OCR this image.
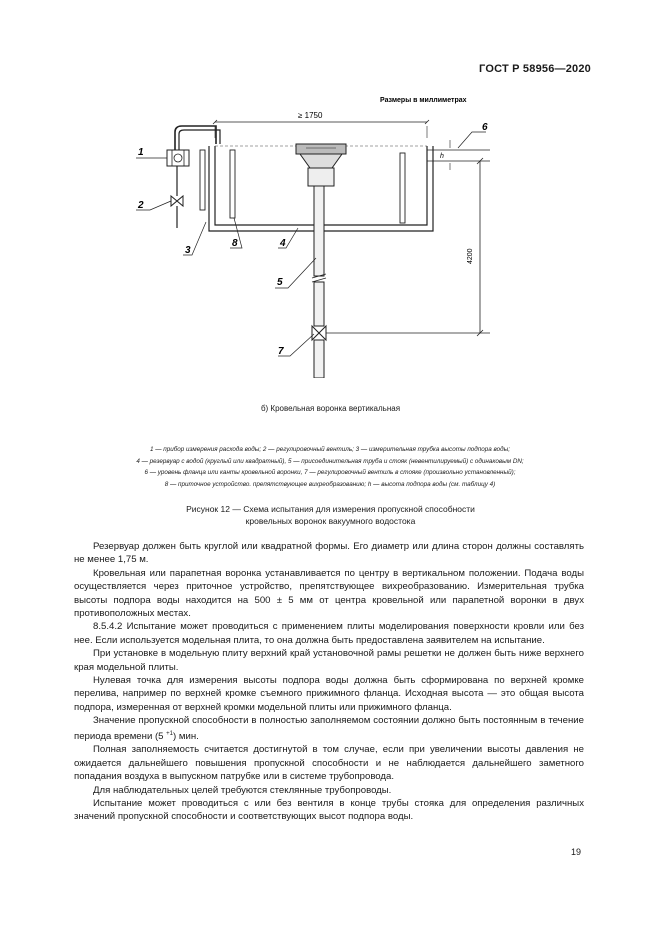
ГОСТ Р 58956—2020
Размеры в миллиметрах
≥ 1750
h
4200
1
2
3
8	4
5
7
6
б) Кровельная воронка вертикальная
1 — прибор измерения расхода воды; 2 — регулировочный вентиль; 3 — измерительная трубка высоты подпора воды;
4 — резервуар с водой (круглый или квадратный), 5 — присоединительная труба и стояк (невентилируемый) с одинаковым DN;
6 — уровень фланца или канты кровельной воронки, 7 — регулировочный вентиль в стояке (произвольно установленный);
8 — приточное устройство. препятствующее вихреобразованию; h — высота подпора воды (см. таблицу 4)
Рисунок 12 — Схема испытания для измерения пропускной способности
кровельных воронок вакуумного водостока

Резервуар должен быть круглой или квадратной формы. Его диаметр или длина сторон должны составлять не менее 1,75 м.

Кровельная или парапетная воронка устанавливается по центру в вертикальном положении. Подача воды осуществляется через приточное устройство, препятствующее вихреобразованию. Измерительная трубка высоты подпора воды находится на 500 ± 5 мм от центра кровельной или парапетной воронки в двух противоположных местах.

8.5.4.2 Испытание может проводиться с применением плиты моделирования поверхности кровли или без нее. Если используется модельная плита, то она должна быть предоставлена заявителем на испытание.

При установке в модельную плиту верхний край установочной рамы решетки не должен быть ниже верхнего края модельной плиты.

Нулевая точка для измерения высоты подпора воды должна быть сформирована по верхней кромке перелива, например по верхней кромке съемного прижимного фланца. Исходная высота — это общая высота подпора, измеренная от верхней кромки модельной плиты или прижимного фланца.

Значение пропускной способности в полностью заполняемом состоянии должно быть постоянным в течение периода времени (5 $^{+1}$) мин.

Полная заполняемость считается достигнутой в том случае, если при увеличении высоты давления не ожидается дальнейшего повышения пропускной способности и не наблюдается дальнейшего заметного попадания воздуха в выпускном патрубке или в системе трубопровода.

Для наблюдательных целей требуются стеклянные трубопроводы.

Испытание может проводиться с или без вентиля в конце трубы стояка для определения различных значений пропускной способности и соответствующих высот подпора воды.

19
